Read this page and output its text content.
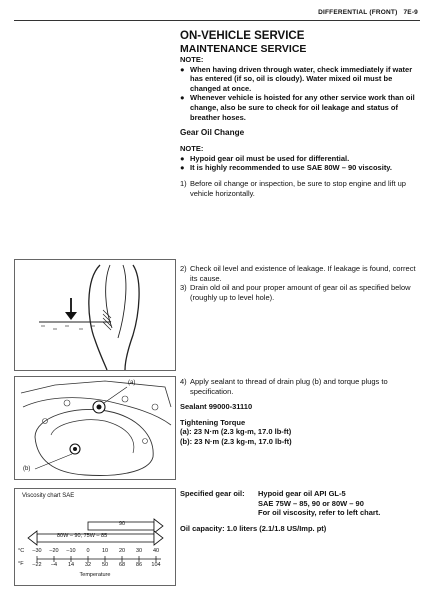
DIFFERENTIAL (FRONT) 7E-9
ON-VEHICLE SERVICE
MAINTENANCE SERVICE
NOTE:
● When having driven through water, check immediately if water has entered (if so, oil is cloudy). Water mixed oil must be changed at once.
● Whenever vehicle is hoisted for any other service work than oil change, also be sure to check for oil leakage and status of breather hoses.
Gear Oil Change
NOTE:
● Hypoid gear oil must be used for differential.
● It is highly recommended to use SAE 80W – 90 viscosity.
1) Before oil change or inspection, be sure to stop engine and lift up vehicle horizontally.
2) Check oil level and existence of leakage. If leakage is found, correct its cause.
3) Drain old oil and pour proper amount of gear oil as specified below (roughly up to level hole).
4) Apply sealant to thread of drain plug (b) and torque plugs to specification.
Sealant 99000-31110
Tightening Torque
(a): 23 N·m (2.3 kg-m, 17.0 lb-ft)
(b): 23 N·m (2.3 kg-m, 17.0 lb-ft)
Specified gear oil:	Hypoid gear oil API GL-5
SAE 75W – 85, 90 or 80W – 90
For oil viscosity, refer to left chart.
Oil capacity: 1.0 liters (2.1/1.8 US/Imp. pt)
(a)
(b)
Viscosity chart SAE
90
80W – 90, 75W – 85
°C
°F
Temperature
–30
–22
–20
–4
–10
14
0
32
10
50
20
68
30
86
40
104
